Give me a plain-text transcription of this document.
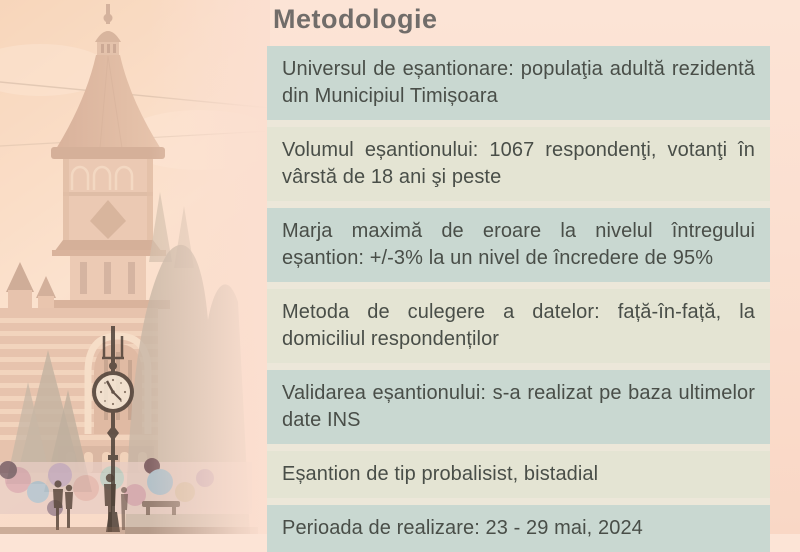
Metodologie
Universul de eșantionare: populaţia adultă rezidentă din Municipiul Timișoara
Volumul eșantionului: 1067 respondenţi, votanţi în vârstă de 18 ani şi peste
Marja maximă de eroare la nivelul întregului eșantion: +/-3% la un nivel de încredere de 95%
Metoda de culegere a datelor: față-în-față, la domiciliul respondenților
Validarea eșantionului: s-a realizat pe baza ultimelor date INS
Eșantion de tip probalisist, bistadial
Perioada de realizare: 23 - 29 mai, 2024
